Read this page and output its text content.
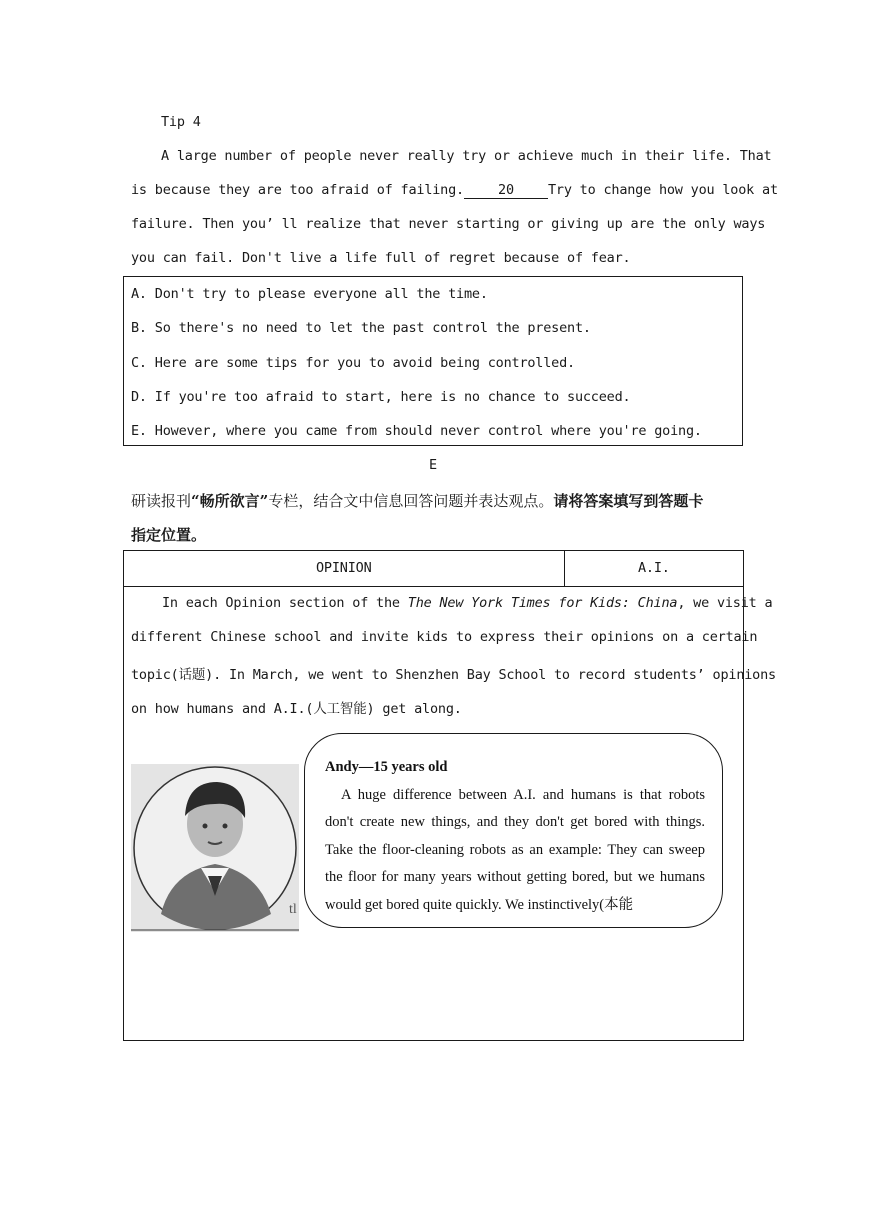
Tip 4
A large number of people never really try or achieve much in their life. That
is because they are too afraid of failing.	20	Try to change how you look at
failure. Then you’ ll realize that never starting or giving up are the only ways
you can fail. Don't live a life full of regret because of fear.
A. Don't try to please everyone all the time.
B. So there's no need to let the past control the present.
C. Here are some tips for you to avoid being controlled.
D. If you're too afraid to start, here is no chance to succeed.
E. However, where you came from should never control where you're going.
E
研读报刊“畅所欲言”专栏，结合文中信息回答问题并表达观点。请将答案填写到答题卡
指定位置。
OPINION	A.I.
In each Opinion section of the The New York Times for Kids: China, we visit a
different Chinese school and invite kids to express their opinions on a certain
topic(话题). In March, we went to Shenzhen Bay School to record students’ opinions
on how humans and A.I.(人工智能) get along.
tl

Andy—15 years old

A huge difference between A.I. and humans is that robots don't create new things, and they don't get bored with things. Take the floor-cleaning robots as an example: They can sweep the floor for many years without getting bored, but we humans would get bored quite quickly. We instinctively(本能
